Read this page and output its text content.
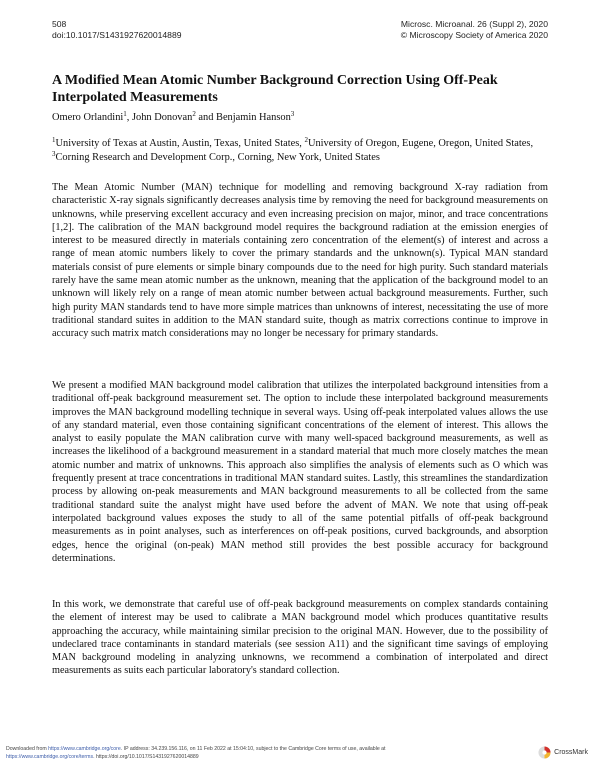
508
doi:10.1017/S1431927620014889
Microsc. Microanal. 26 (Suppl 2), 2020
© Microscopy Society of America 2020
A Modified Mean Atomic Number Background Correction Using Off-Peak Interpolated Measurements
Omero Orlandini$^1$, John Donovan$^2$ and Benjamin Hanson$^3$
$^1$University of Texas at Austin, Austin, Texas, United States, $^2$University of Oregon, Eugene, Oregon, United States, $^3$Corning Research and Development Corp., Corning, New York, United States
The Mean Atomic Number (MAN) technique for modelling and removing background X-ray radiation from characteristic X-ray signals significantly decreases analysis time by removing the need for background measurements on unknowns, while preserving excellent accuracy and even increasing precision on major, minor, and trace concentrations [1,2]. The calibration of the MAN background model requires the background radiation at the emission energies of interest to be measured directly in materials containing zero concentration of the element(s) of interest and across a range of mean atomic numbers likely to cover the primary standards and the unknown(s). Typical MAN standard materials consist of pure elements or simple binary compounds due to the need for high purity. Such standard materials rarely have the same mean atomic number as the unknown, meaning that the application of the background model to an unknown will likely rely on a range of mean atomic number between actual background measurements. Further, such high purity MAN standards tend to have more simple matrices than unknowns of interest, necessitating the use of more traditional standard suites in addition to the MAN standard suite, though as matrix corrections continue to improve in accuracy such matrix match considerations may no longer be necessary for primary standards.
We present a modified MAN background model calibration that utilizes the interpolated background intensities from a traditional off-peak background measurement set. The option to include these interpolated background measurements improves the MAN background modelling technique in several ways. Using off-peak interpolated values allows the use of any standard material, even those containing significant concentrations of the element of interest. This allows the analyst to easily populate the MAN calibration curve with many well-spaced background measurements, as well as increases the likelihood of a background measurement in a standard material that much more closely matches the mean atomic number and matrix of unknowns. This approach also simplifies the analysis of elements such as O which was frequently present at trace concentrations in traditional MAN standard suites. Lastly, this streamlines the standardization process by allowing on-peak measurements and MAN background measurements to all be collected from the same traditional standard suite the analyst might have used before the advent of MAN. We note that using off-peak interpolated background values exposes the study to all of the same potential pitfalls of off-peak background measurements as in point analyses, such as interferences on off-peak positions, curved backgrounds, and absorption edges, hence the original (on-peak) MAN method still provides the best possible accuracy for background determinations.
In this work, we demonstrate that careful use of off-peak background measurements on complex standards containing the element of interest may be used to calibrate a MAN background model which produces quantitative results approaching the accuracy, while maintaining similar precision to the original MAN. However, due to the possibility of undeclared trace contaminants in standard materials (see session A11) and the significant time savings of employing MAN background modeling in analyzing unknowns, we recommend a combination of interpolated and direct measurements as suits each particular laboratory's standard collection.
Downloaded from https://www.cambridge.org/core. IP address: 34.239.156.116, on 11 Feb 2022 at 15:04:10, subject to the Cambridge Core terms of use, available at
https://www.cambridge.org/core/terms. https://doi.org/10.1017/S1431927620014889
CrossMark
